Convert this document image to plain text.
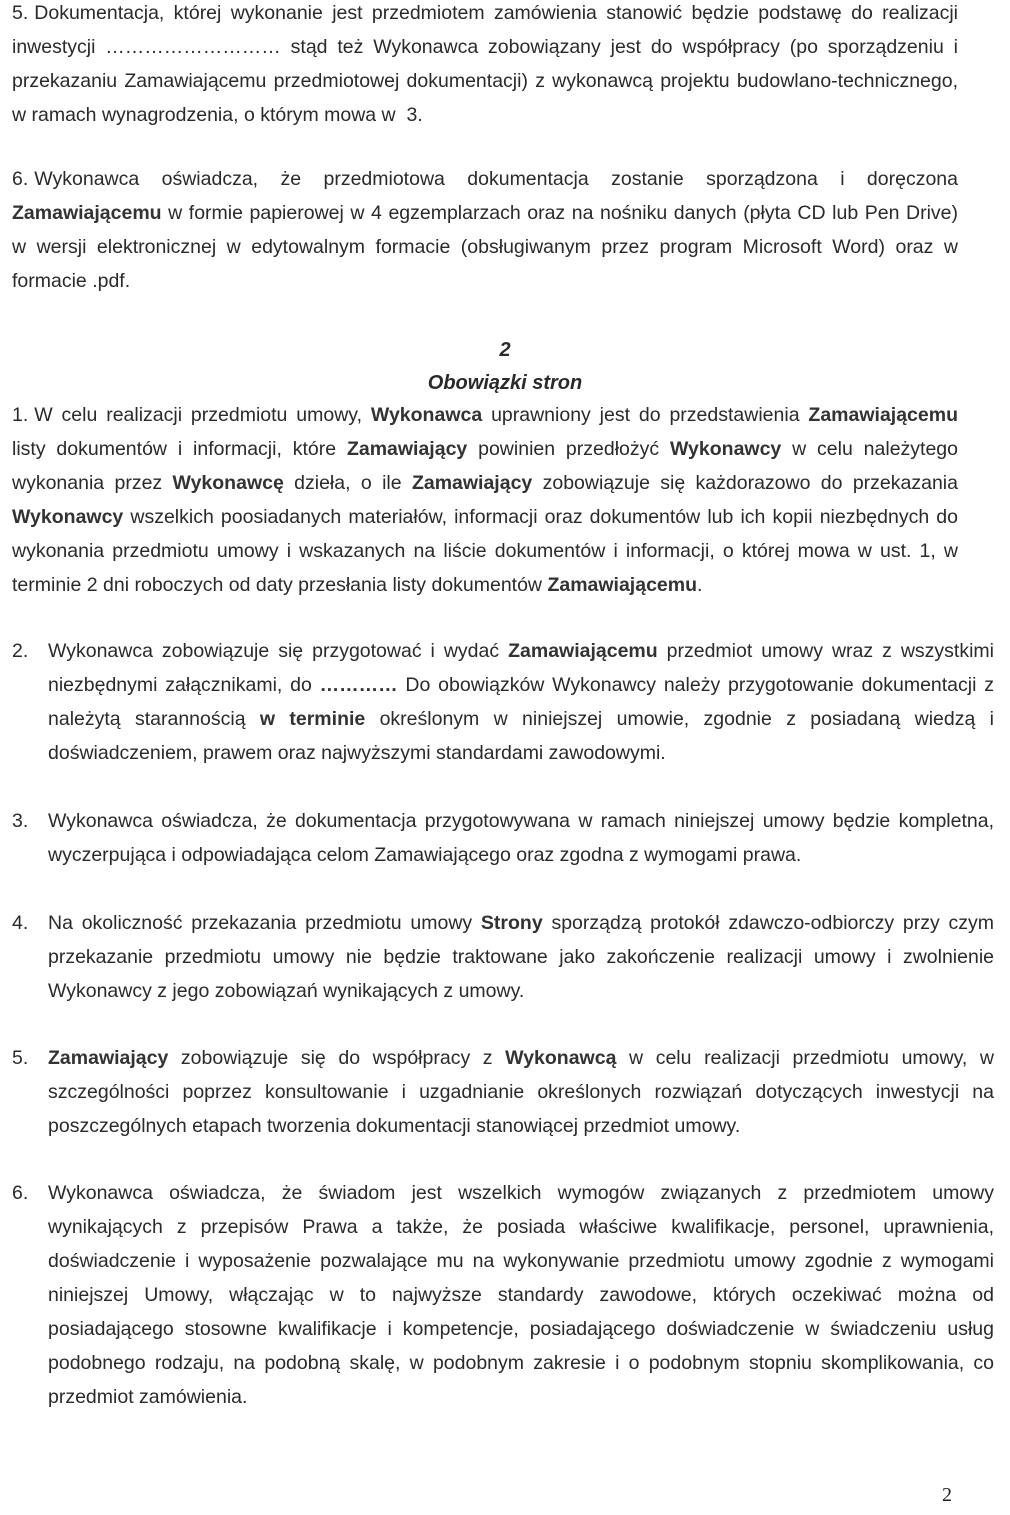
5. Dokumentacja, której wykonanie jest przedmiotem zamówienia stanowić będzie podstawę do realizacji inwestycji ……………………… stąd też Wykonawca zobowiązany jest do współpracy (po sporządzeniu i przekazaniu Zamawiającemu przedmiotowej dokumentacji) z wykonawcą projektu budowlano-technicznego, w ramach wynagrodzenia, o którym mowa w  3.
6. Wykonawca oświadcza, że przedmiotowa dokumentacja zostanie sporządzona i doręczona Zamawiającemu w formie papierowej w 4 egzemplarzach oraz na nośniku danych (płyta CD lub Pen Drive) w wersji elektronicznej w edytowalnym formacie (obsługiwanym przez program Microsoft Word) oraz w formacie .pdf.
2
Obowiązki stron
1. W celu realizacji przedmiotu umowy, Wykonawca uprawniony jest do przedstawienia Zamawiającemu listy dokumentów i informacji, które Zamawiający powinien przedłożyć Wykonawcy w celu należytego wykonania przez Wykonawcę dzieła, o ile Zamawiający zobowiązuje się każdorazowo do przekazania Wykonawcy wszelkich poosiadanych materiałów, informacji oraz dokumentów lub ich kopii niezbędnych do wykonania przedmiotu umowy i wskazanych na liście dokumentów i informacji, o której mowa w ust. 1, w terminie 2 dni roboczych od daty przesłania listy dokumentów Zamawiającemu.
2. Wykonawca zobowiązuje się przygotować i wydać Zamawiającemu przedmiot umowy wraz z wszystkimi niezbędnymi załącznikami, do ………… Do obowiązków Wykonawcy należy przygotowanie dokumentacji z należytą starannością w terminie określonym w niniejszej umowie, zgodnie z posiadaną wiedzą i doświadczeniem, prawem oraz najwyższymi standardami zawodowymi.
3. Wykonawca oświadcza, że dokumentacja przygotowywana w ramach niniejszej umowy będzie kompletna, wyczerpująca i odpowiadająca celom Zamawiającego oraz zgodna z wymogami prawa.
4. Na okoliczność przekazania przedmiotu umowy Strony sporządzą protokół zdawczo-odbiorczy przy czym przekazanie przedmiotu umowy nie będzie traktowane jako zakończenie realizacji umowy i zwolnienie Wykonawcy z jego zobowiązań wynikających z umowy.
5. Zamawiający zobowiązuje się do współpracy z Wykonawcą w celu realizacji przedmiotu umowy, w szczególności poprzez konsultowanie i uzgadnianie określonych rozwiązań dotyczących inwestycji na poszczególnych etapach tworzenia dokumentacji stanowiącej przedmiot umowy.
6. Wykonawca oświadcza, że świadom jest wszelkich wymogów związanych z przedmiotem umowy wynikających z przepisów Prawa a także, że posiada właściwe kwalifikacje, personel, uprawnienia, doświadczenie i wyposażenie pozwalające mu na wykonywanie przedmiotu umowy zgodnie z wymogami niniejszej Umowy, włączając w to najwyższe standardy zawodowe, których oczekiwać można od posiadającego stosowne kwalifikacje i kompetencje, posiadającego doświadczenie w świadczeniu usług podobnego rodzaju, na podobną skalę, w podobnym zakresie i o podobnym stopniu skomplikowania, co przedmiot zamówienia.
2
